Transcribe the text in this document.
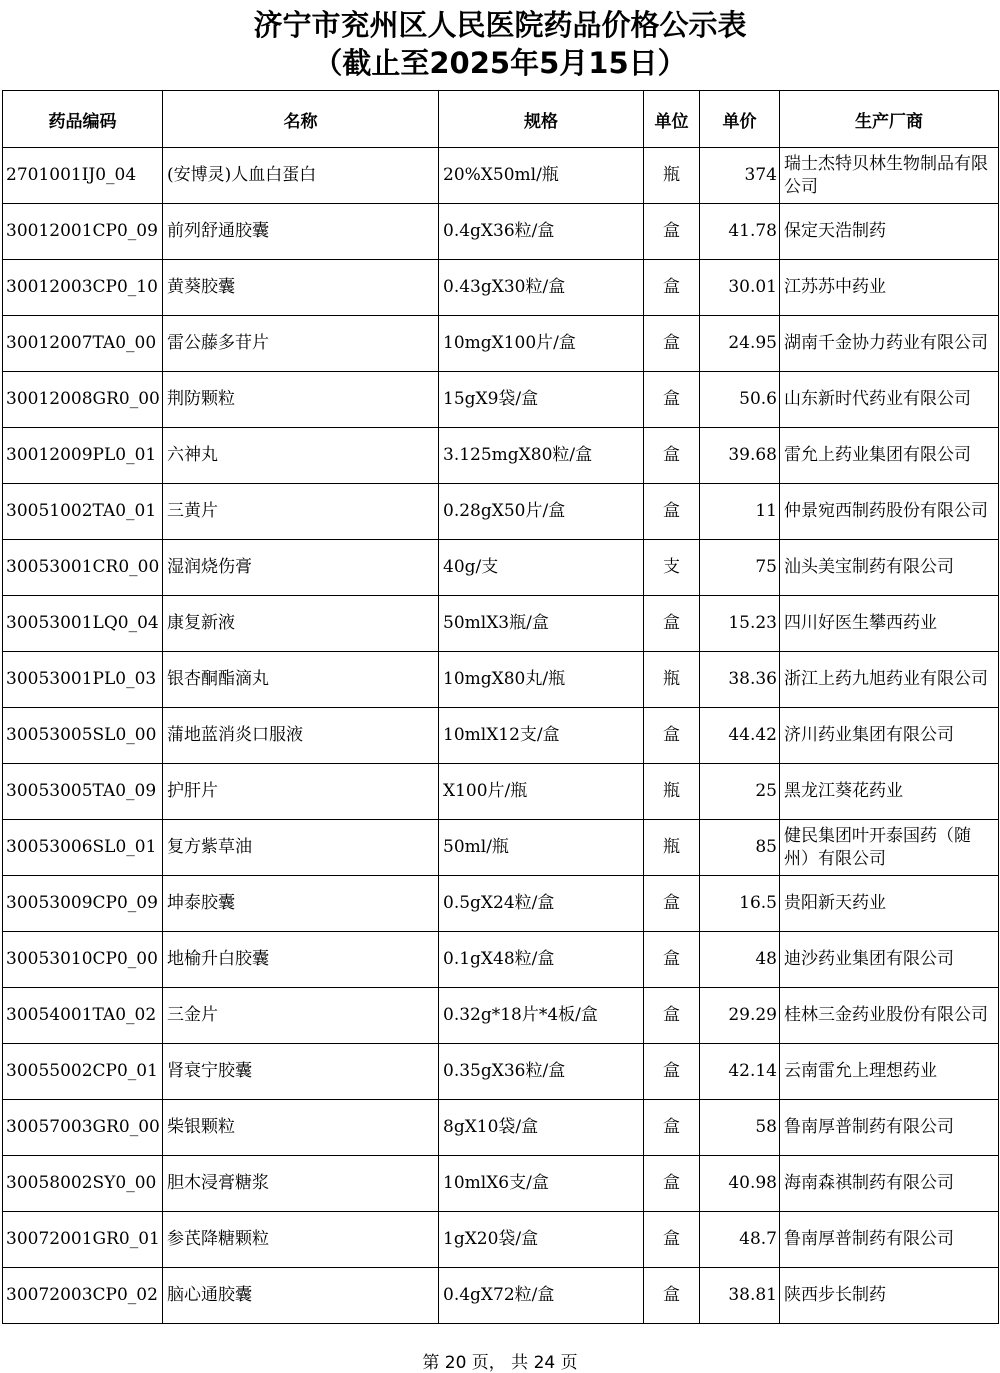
济宁市兖州区人民医院药品价格公示表
（截止至2025年5月15日）
药品编码	名称	规格	单位	单价	生产厂商
2701001IJ0_04	(安博灵)人血白蛋白	20%X50ml/瓶	瓶	374	瑞士杰特贝林生物制品有限公司
30012001CP0_09	前列舒通胶囊	0.4gX36粒/盒	盒	41.78	保定天浩制药
30012003CP0_10	黄葵胶囊	0.43gX30粒/盒	盒	30.01	江苏苏中药业
30012007TA0_00	雷公藤多苷片	10mgX100片/盒	盒	24.95	湖南千金协力药业有限公司
30012008GR0_00	荆防颗粒	15gX9袋/盒	盒	50.6	山东新时代药业有限公司
30012009PL0_01	六神丸	3.125mgX80粒/盒	盒	39.68	雷允上药业集团有限公司
30051002TA0_01	三黄片	0.28gX50片/盒	盒	11	仲景宛西制药股份有限公司
30053001CR0_00	湿润烧伤膏	40g/支	支	75	汕头美宝制药有限公司
30053001LQ0_04	康复新液	50mlX3瓶/盒	盒	15.23	四川好医生攀西药业
30053001PL0_03	银杏酮酯滴丸	10mgX80丸/瓶	瓶	38.36	浙江上药九旭药业有限公司
30053005SL0_00	蒲地蓝消炎口服液	10mlX12支/盒	盒	44.42	济川药业集团有限公司
30053005TA0_09	护肝片	X100片/瓶	瓶	25	黑龙江葵花药业
30053006SL0_01	复方紫草油	50ml/瓶	瓶	85	健民集团叶开泰国药（随州）有限公司
30053009CP0_09	坤泰胶囊	0.5gX24粒/盒	盒	16.5	贵阳新天药业
30053010CP0_00	地榆升白胶囊	0.1gX48粒/盒	盒	48	迪沙药业集团有限公司
30054001TA0_02	三金片	0.32g*18片*4板/盒	盒	29.29	桂林三金药业股份有限公司
30055002CP0_01	肾衰宁胶囊	0.35gX36粒/盒	盒	42.14	云南雷允上理想药业
30057003GR0_00	柴银颗粒	8gX10袋/盒	盒	58	鲁南厚普制药有限公司
30058002SY0_00	胆木浸膏糖浆	10mlX6支/盒	盒	40.98	海南森祺制药有限公司
30072001GR0_01	参芪降糖颗粒	1gX20袋/盒	盒	48.7	鲁南厚普制药有限公司
30072003CP0_02	脑心通胶囊	0.4gX72粒/盒	盒	38.81	陕西步长制药
第 20 页， 共 24 页
